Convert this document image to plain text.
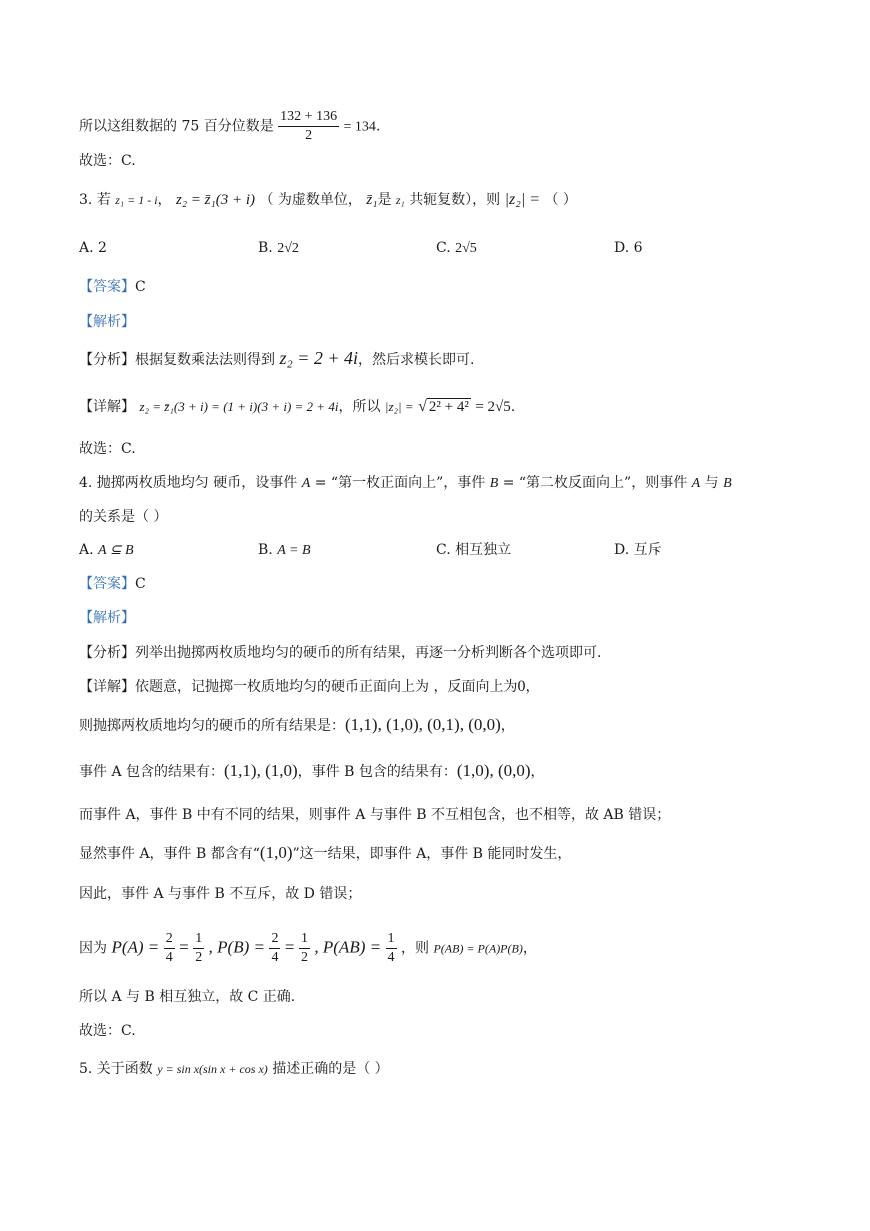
所以这组数据的 75 百分位数是 $\frac{132 + 136}{2} = 134$.
故选：C.
3. 若 z₁ = 1 - i， z₂ = z̄₁(3 + i) （ 为虚数单位， z̄₁是 z₁ 共轭复数），则 |z₂| = （ ）
A. 2	B. 2√2	C. 2√5	D. 6
【答案】C
【解析】
【分析】根据复数乘法法则得到 z₂ = 2 + 4i，然后求模长即可.
【详解】 z₂ = z̄₁(3 + i) = (1 + i)(3 + i) = 2 + 4i，所以 |z₂| = √ 2² + 4² = 2√5.
故选：C.
4. 抛掷两枚质地均匀 硬币，设事件 A = “第一枚正面向上”，事件 B = “第二枚反面向上”，则事件 A 与 B
的关系是（ ）
A. A ⊆ B	B. A = B	C. 相互独立	D. 互斥
【答案】C
【解析】
【分析】列举出抛掷两枚质地均匀的硬币的所有结果，再逐一分析判断各个选项即可.
【详解】依题意，记抛掷一枚质地均匀的硬币正面向上为 ，反面向上为0，
则抛掷两枚质地均匀的硬币的所有结果是：(1,1), (1,0), (0,1), (0,0)，
事件 A 包含的结果有：(1,1), (1,0)，事件 B 包含的结果有：(1,0), (0,0)，
而事件 A，事件 B 中有不同的结果，则事件 A 与事件 B 不互相包含，也不相等，故 AB 错误；
显然事件 A，事件 B 都含有“(1,0)”这一结果，即事件 A，事件 B 能同时发生，
因此，事件 A 与事件 B 不互斥，故 D 错误；
因为 $P(A) = \frac{2}{4} = \frac{1}{2}$ , $P(B) = \frac{2}{4} = \frac{1}{2}$ , $P(AB) = \frac{1}{4}$ ，则 P(AB) = P(A)P(B)，
所以 A 与 B 相互独立，故 C 正确.
故选：C.
5. 关于函数 y = sin x(sin x + cos x) 描述正确的是（ ）
